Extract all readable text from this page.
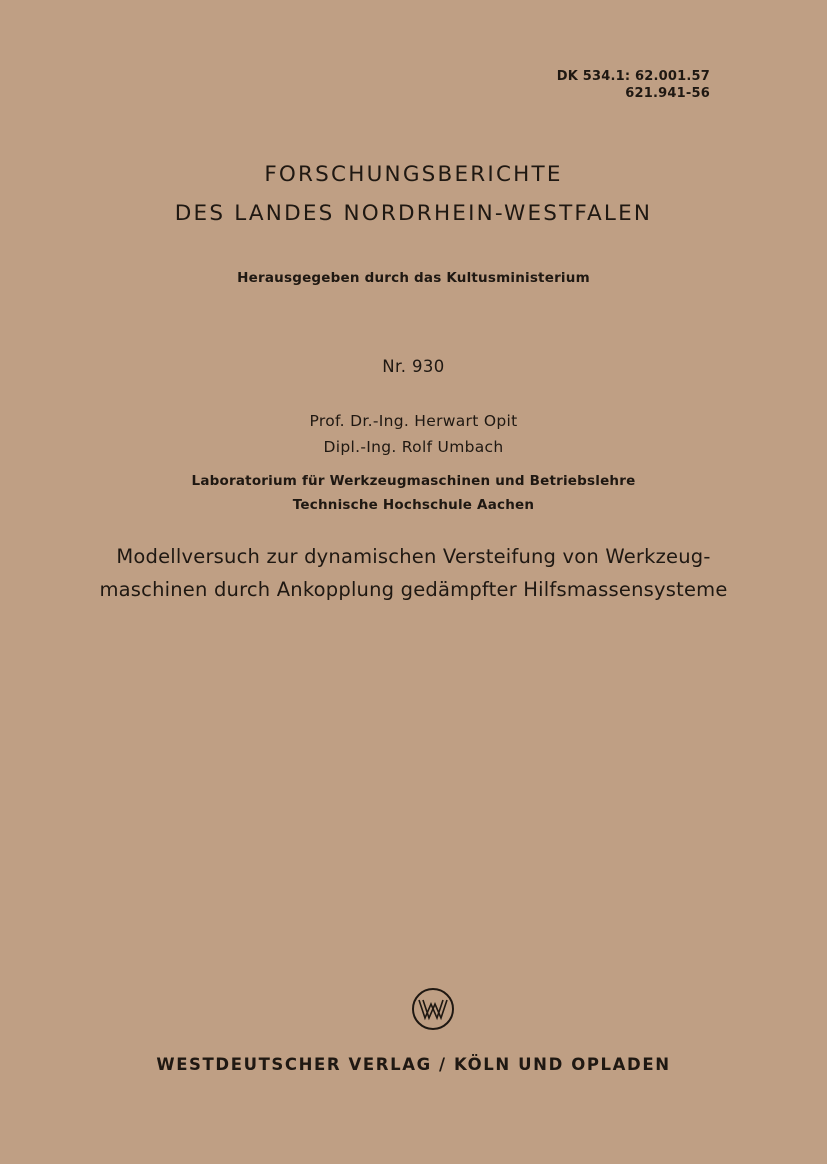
DK 534.1: 62.001.57
621.941-56
FORSCHUNGSBERICHTE
DES LANDES NORDRHEIN-WESTFALEN
Herausgegeben durch das Kultusministerium
Nr. 930
Prof. Dr.-Ing. Herwart Opit
Dipl.-Ing. Rolf Umbach
Laboratorium für Werkzeugmaschinen und Betriebslehre
Technische Hochschule Aachen
Modellversuch zur dynamischen Versteifung von Werkzeug-
maschinen durch Ankopplung gedämpfter Hilfsmassensysteme
WESTDEUTSCHER VERLAG / KÖLN UND OPLADEN
